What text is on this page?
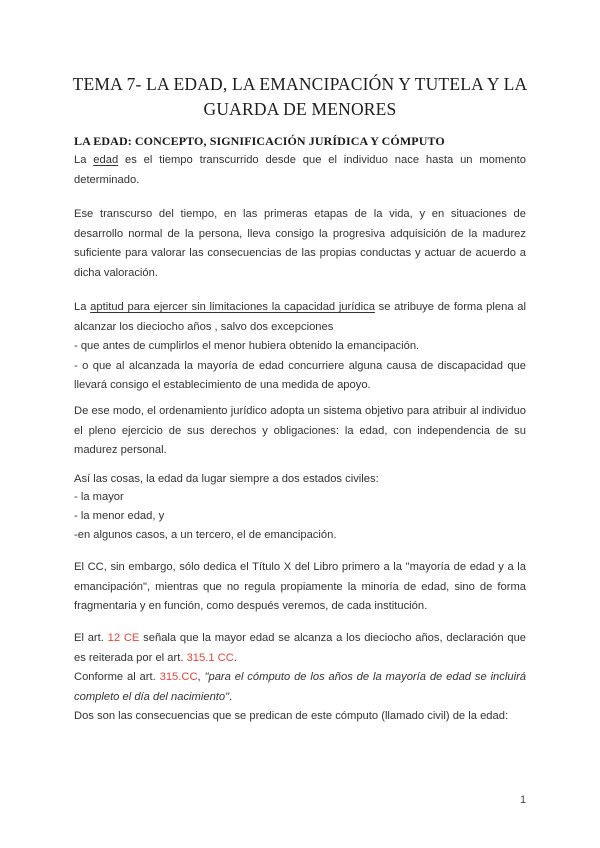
TEMA 7- LA EDAD, LA EMANCIPACIÓN Y TUTELA Y LA
GUARDA DE MENORES
LA EDAD: CONCEPTO, SIGNIFICACIÓN JURÍDICA Y CÓMPUTO
La edad es el tiempo transcurrido desde que el individuo nace hasta un momento determinado.
Ese transcurso del tiempo, en las primeras etapas de la vida, y en situaciones de desarrollo normal de la persona, lleva consigo la progresiva adquisición de la madurez suficiente para valorar las consecuencias de las propias conductas y actuar de acuerdo a dicha valoración.
La aptitud para ejercer sin limitaciones la capacidad jurídica se atribuye de forma plena al alcanzar los dieciocho años , salvo dos excepciones
- que antes de cumplirlos el menor hubiera obtenido la emancipación.
- o que al alcanzada la mayoría de edad concurriere alguna causa de discapacidad que llevará consigo el establecimiento de una medida de apoyo.
De ese modo, el ordenamiento jurídico adopta un sistema objetivo para atribuir al individuo el pleno ejercicio de sus derechos y obligaciones: la edad, con independencia de su madurez personal.
Así las cosas, la edad da lugar siempre a dos estados civiles:
- la mayor
- la menor edad, y
-en algunos casos, a un tercero, el de emancipación.
El CC, sin embargo, sólo dedica el Título X del Libro primero a la "mayoría de edad y a la emancipación", mientras que no regula propiamente la minoría de edad, sino de forma fragmentaria y en función, como después veremos, de cada institución.
El art. 12 CE señala que la mayor edad se alcanza a los dieciocho años, declaración que es reiterada por el art. 315.1 CC.
Conforme al art. 315.CC, "para el cómputo de los años de la mayoría de edad se incluirá completo el día del nacimiento".
Dos son las consecuencias que se predican de este cómputo (llamado civil) de la edad:
1
